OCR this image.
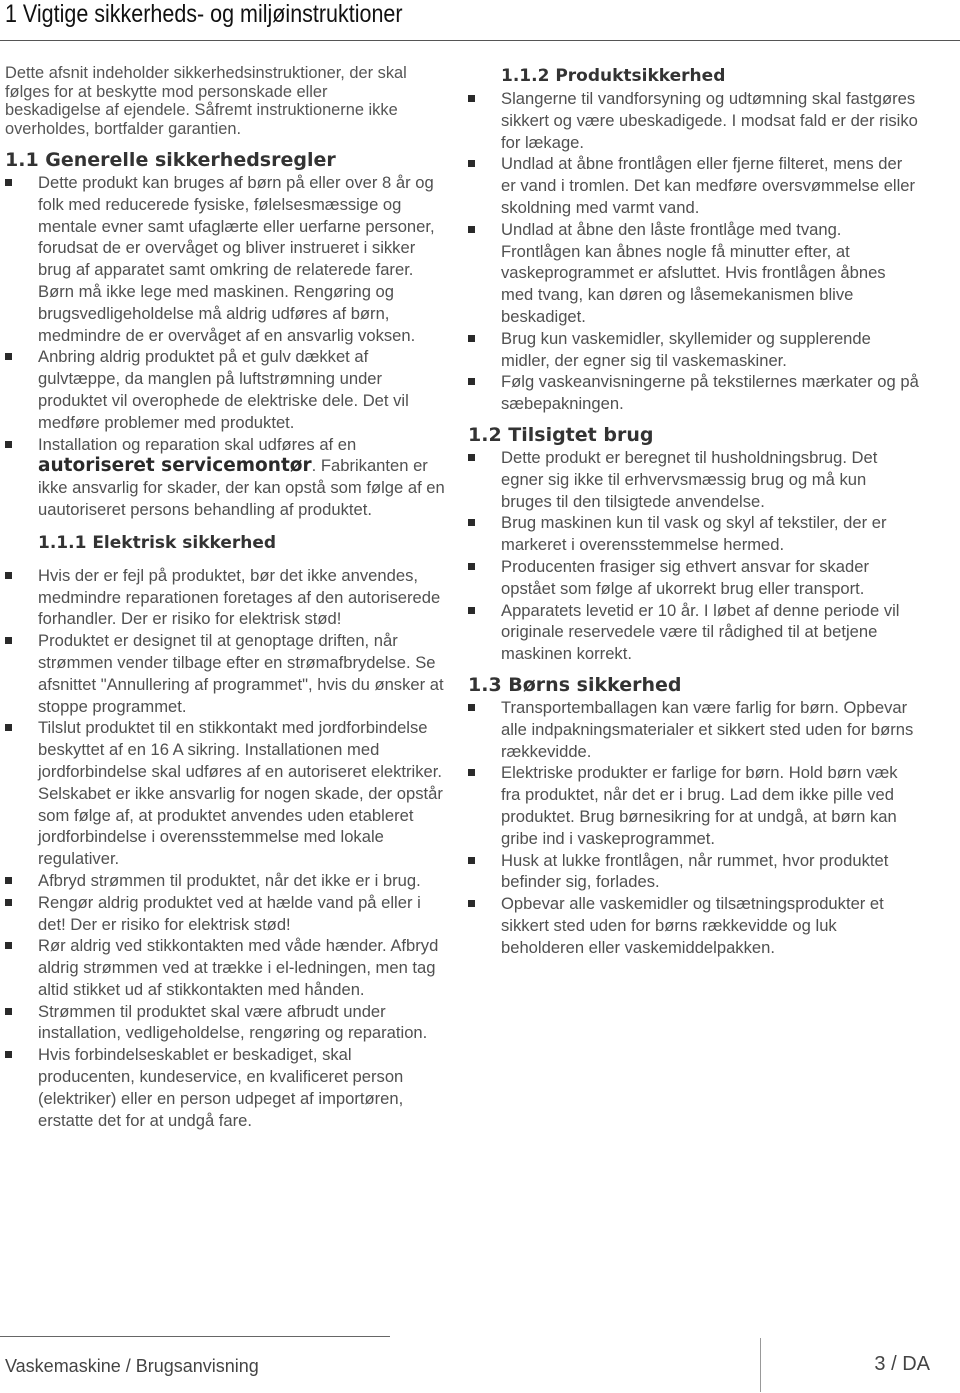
1 Vigtige sikkerheds- og miljøinstruktioner

Dette afsnit indeholder sikkerhedsinstruktioner, der skal følges for at beskytte mod personskade eller beskadigelse af ejendele. Såfremt instruktionerne ikke overholdes, bortfalder garantien.

1.1 Generelle sikkerhedsregler
Dette produkt kan bruges af børn på eller over 8 år og folk med reducerede fysiske, følelsesmæssige og mentale evner samt ufaglærte eller uerfarne personer, forudsat de er overvåget og bliver instrueret i sikker brug af apparatet samt omkring de relaterede farer. Børn må ikke lege med maskinen. Rengøring og brugsvedligeholdelse må aldrig udføres af børn, medmindre de er overvåget af en ansvarlig voksen.
Anbring aldrig produktet på et gulv dækket af gulvtæppe, da manglen på luftstrømning under produktet vil overophede de elektriske dele. Det vil medføre problemer med produktet.
Installation og reparation skal udføres af en autoriseret servicemontør. Fabrikanten er ikke ansvarlig for skader, der kan opstå som følge af en uautoriseret persons behandling af produktet.
1.1.1 Elektrisk sikkerhed
Hvis der er fejl på produktet, bør det ikke anvendes, medmindre reparationen foretages af den autoriserede forhandler. Der er risiko for elektrisk stød!
Produktet er designet til at genoptage driften, når strømmen vender tilbage efter en strømafbrydelse. Se afsnittet "Annullering af programmet", hvis du ønsker at stoppe programmet.
Tilslut produktet til en stikkontakt med jordforbindelse beskyttet af en 16 A sikring. Installationen med jordforbindelse skal udføres af en autoriseret elektriker. Selskabet er ikke ansvarlig for nogen skade, der opstår som følge af, at produktet anvendes uden etableret jordforbindelse i overensstemmelse med lokale regulativer.
Afbryd strømmen til produktet, når det ikke er i brug.
Rengør aldrig produktet ved at hælde vand på eller i det! Der er risiko for elektrisk stød!
Rør aldrig ved stikkontakten med våde hænder. Afbryd aldrig strømmen ved at trække i el-ledningen, men tag altid stikket ud af stikkontakten med hånden.
Strømmen til produktet skal være afbrudt under installation, vedligeholdelse, rengøring og reparation.
Hvis forbindelseskablet er beskadiget, skal producenten, kundeservice, en kvalificeret person (elektriker) eller en person udpeget af importøren, erstatte det for at undgå fare.
1.1.2 Produktsikkerhed
Slangerne til vandforsyning og udtømning skal fastgøres sikkert og være ubeskadigede. I modsat fald er der risiko for lækage.
Undlad at åbne frontlågen eller fjerne filteret, mens der er vand i tromlen. Det kan medføre oversvømmelse eller skoldning med varmt vand.
Undlad at åbne den låste frontlåge med tvang. Frontlågen kan åbnes nogle få minutter efter, at vaskeprogrammet er afsluttet. Hvis frontlågen åbnes med tvang, kan døren og låsemekanismen blive beskadiget.
Brug kun vaskemidler, skyllemider og supplerende midler, der egner sig til vaskemaskiner.
Følg vaskeanvisningerne på tekstilernes mærkater og på sæbepakningen.
1.2 Tilsigtet brug
Dette produkt er beregnet til husholdningsbrug. Det egner sig ikke til erhvervsmæssig brug og må kun bruges til den tilsigtede anvendelse.
Brug maskinen kun til vask og skyl af tekstiler, der er markeret i overensstemmelse hermed.
Producenten frasiger sig ethvert ansvar for skader opstået som følge af ukorrekt brug eller transport.
Apparatets levetid er 10 år. I løbet af denne periode vil originale reservedele være til rådighed til at betjene maskinen korrekt.
1.3 Børns sikkerhed
Transportemballagen kan være farlig for børn. Opbevar alle indpakningsmaterialer et sikkert sted uden for børns rækkevidde.
Elektriske produkter er farlige for børn. Hold børn væk fra produktet, når det er i brug. Lad dem ikke pille ved produktet. Brug børnesikring for at undgå, at børn kan gribe ind i vaskeprogrammet.
Husk at lukke frontlågen, når rummet, hvor produktet befinder sig, forlades.
Opbevar alle vaskemidler og tilsætningsprodukter et sikkert sted uden for børns rækkevidde og luk beholderen eller vaskemiddelpakken.
Vaskemaskine / Brugsanvisning	3 / DA
